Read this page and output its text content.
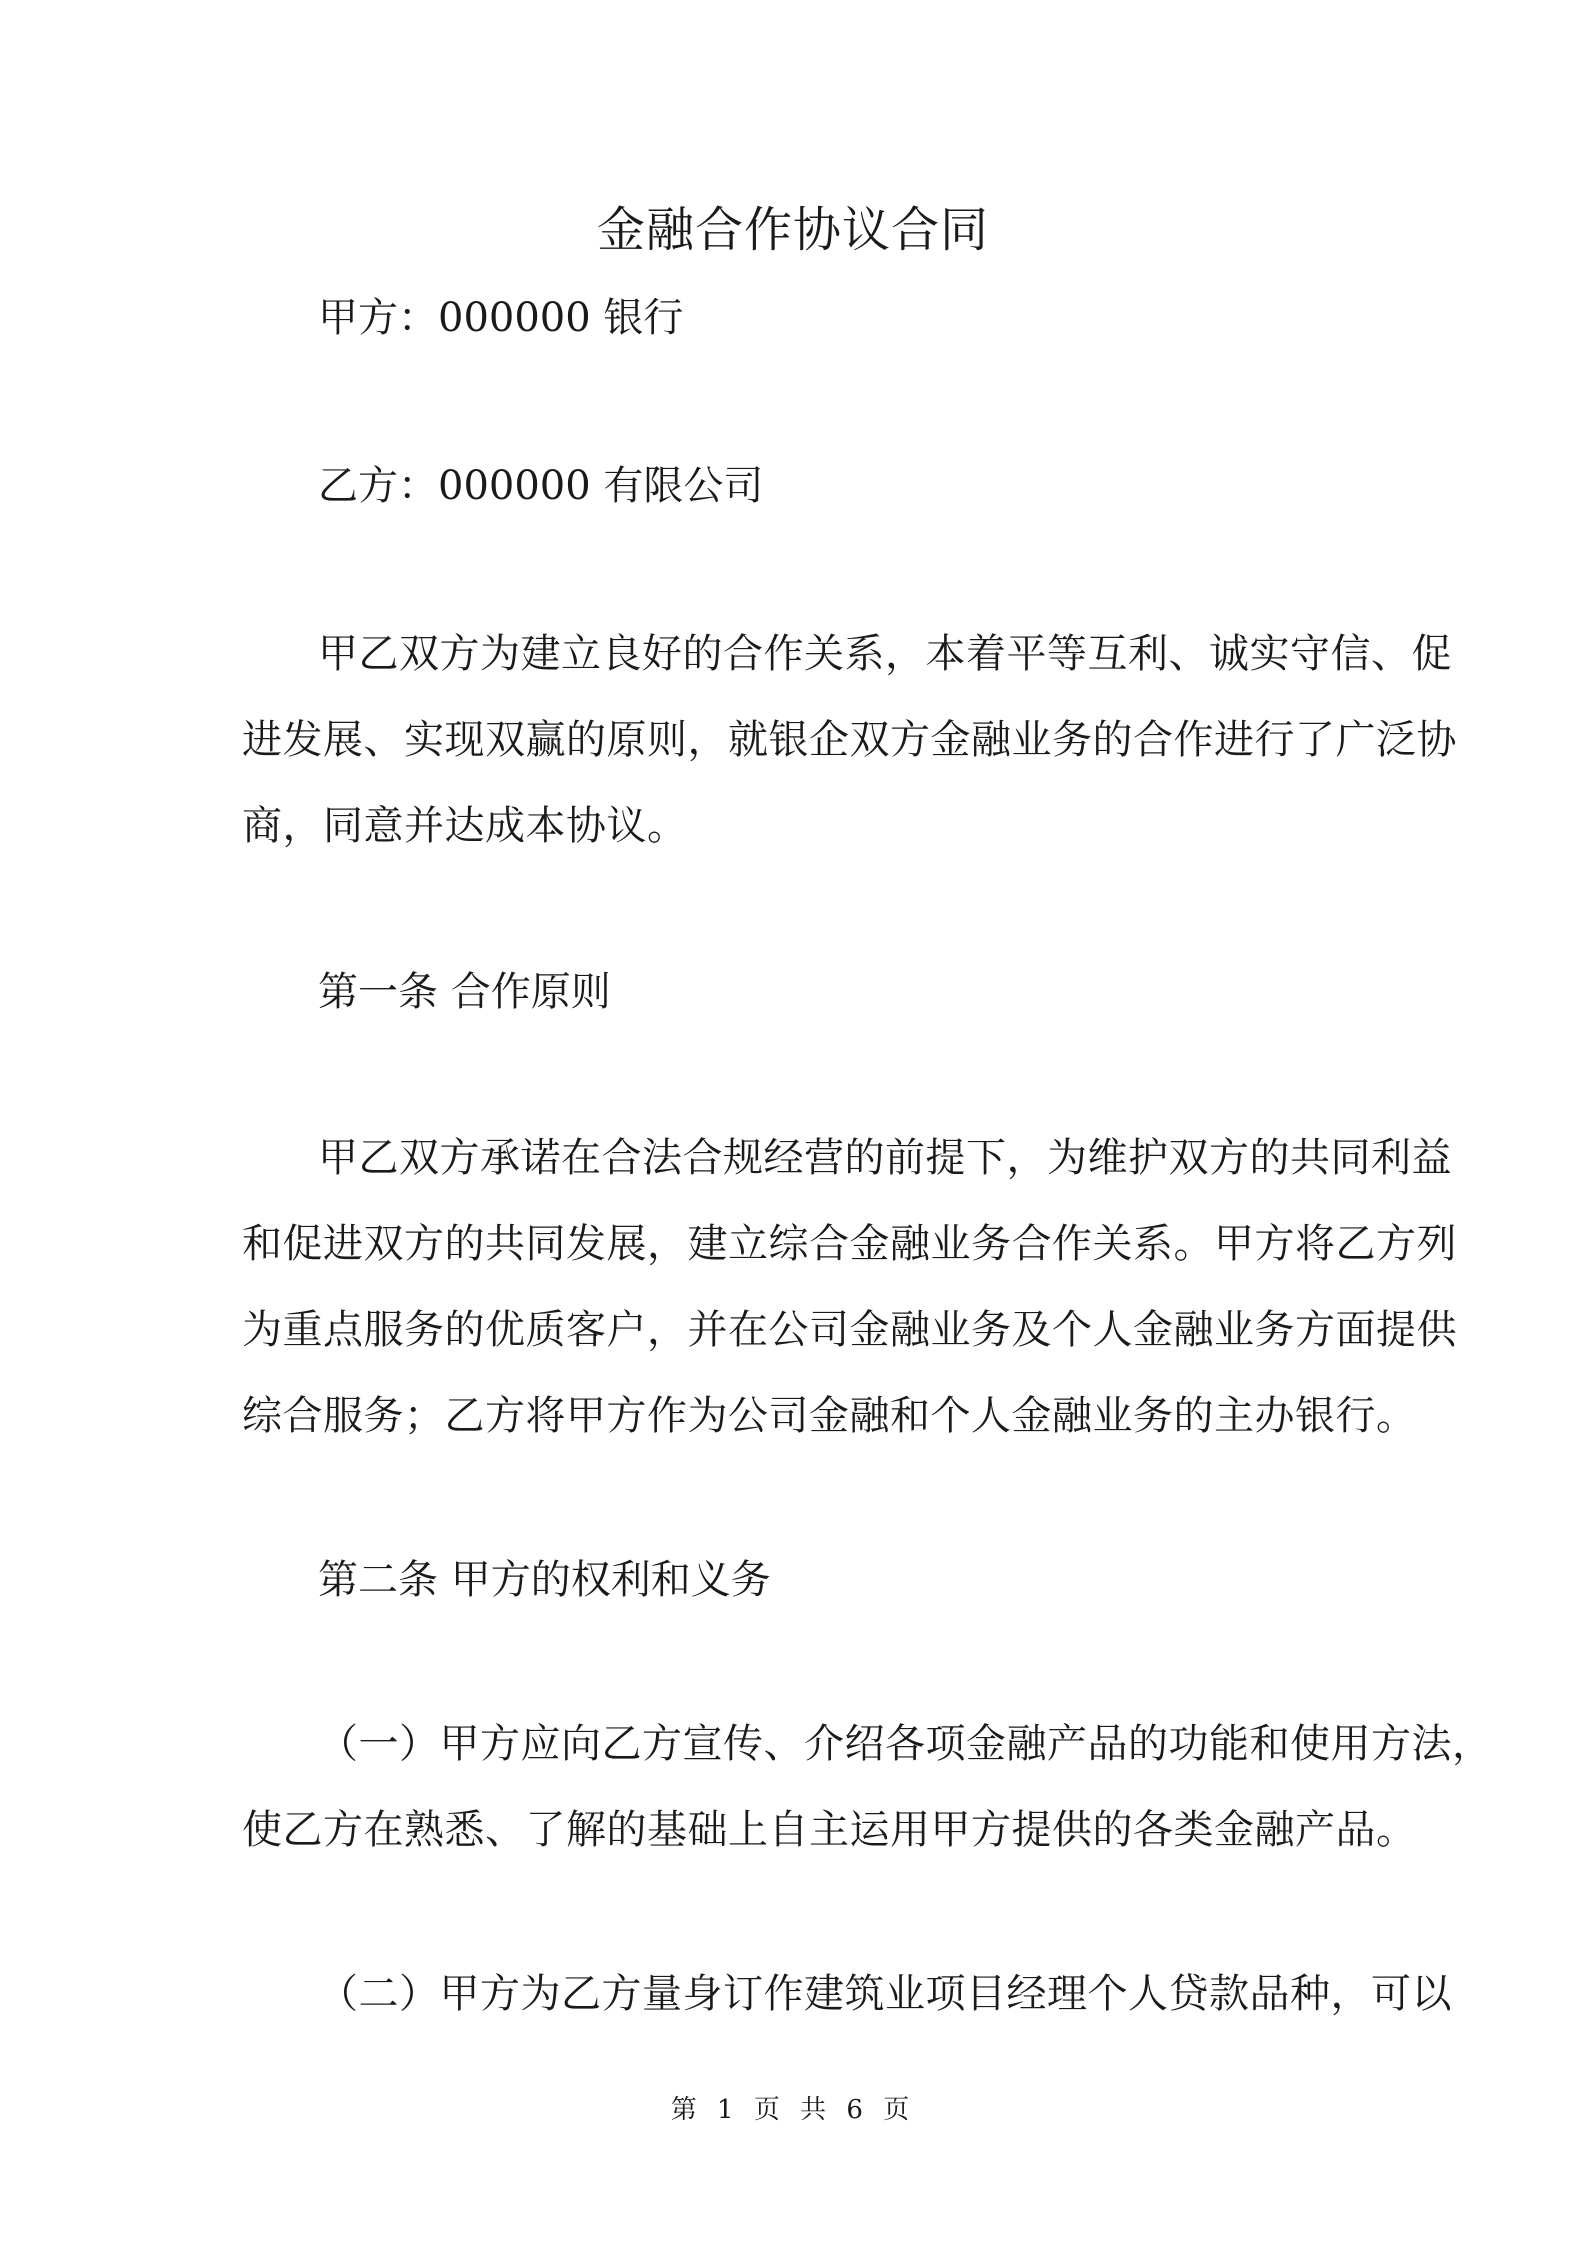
金融合作协议合同
甲方：000000 银行
乙方：000000 有限公司
甲乙双方为建立良好的合作关系，本着平等互利、诚实守信、促
进发展、实现双赢的原则，就银企双方金融业务的合作进行了广泛协
商，同意并达成本协议。
第一条 合作原则
甲乙双方承诺在合法合规经营的前提下，为维护双方的共同利益
和促进双方的共同发展，建立综合金融业务合作关系。甲方将乙方列
为重点服务的优质客户，并在公司金融业务及个人金融业务方面提供
综合服务；乙方将甲方作为公司金融和个人金融业务的主办银行。
第二条 甲方的权利和义务
（一）甲方应向乙方宣传、介绍各项金融产品的功能和使用方法，
使乙方在熟悉、了解的基础上自主运用甲方提供的各类金融产品。
（二）甲方为乙方量身订作建筑业项目经理个人贷款品种，可以
第 1 页 共 6 页
